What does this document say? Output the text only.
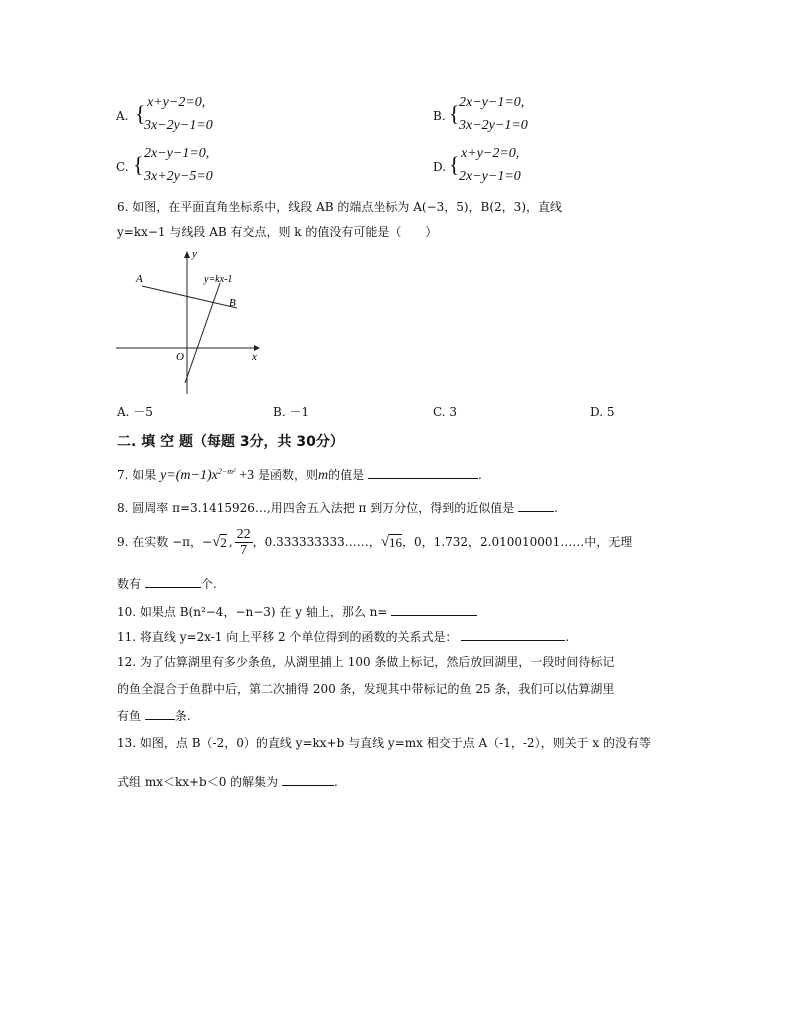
A. { x+y−2=0,
3x−2y−1=0
B. { 2x−y−1=0,
3x−2y−1=0
C. { 2x−y−1=0,
3x+2y−5=0
D. { x+y−2=0,
2x−y−1=0
6. 如图，在平面直角坐标系中，线段 AB 的端点坐标为 A(−3，5)，B(2，3)，直线
y=kx−1 与线段 AB 有交点，则 k 的值没有可能是（　　）
y
x
O
A
B
y=kx-1
A. －5	B. －1	C. 3	D. 5
二. 填 空 题（每题 3分，共 30分）
7. 如果 $y=(m-1)x^{2-m^2} +3$ 是函数，则m的值是	.
8. 圆周率 π=3.1415926…,用四舍五入法把 π 到万分位，得到的近似值是	.
9. 在实数 −π，− √ 2 , $\frac{22}{7}$ ，0.333333333……， √ 16 ，0，1.732，2.010010001……中，无理
数有	个.
10. 如果点 B(n²−4，−n−3) 在 y 轴上，那么 n=
11. 将直线 y=2x-1 向上平移 2 个单位得到的函数的关系式是：	.
12. 为了估算湖里有多少条鱼，从湖里捕上 100 条做上标记，然后放回湖里，一段时间待标记
的鱼全混合于鱼群中后，第二次捕得 200 条，发现其中带标记的鱼 25 条，我们可以估算湖里
有鱼	条.
13. 如图，点 B（-2，0）的直线 y=kx+b 与直线 y=mx 相交于点 A（-1，-2），则关于 x 的没有等
式组 mx＜kx+b＜0 的解集为	.
